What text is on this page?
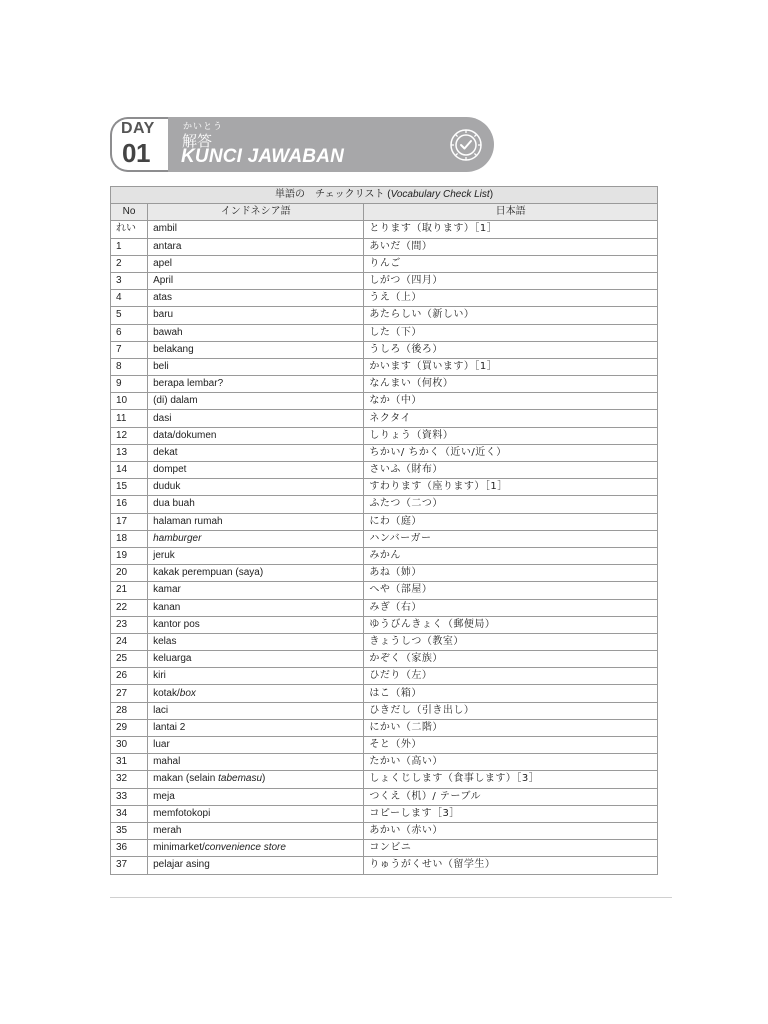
DAY
01
かいとう
解答
KUNCI JAWABAN
単語の　チェックリスト (Vocabulary Check List)		
No	インドネシア語	日本語
れい	ambil	とります（取ります）［1］
1	antara	あいだ（間）
2	apel	りんご
3	April	しがつ（四月）
4	atas	うえ（上）
5	baru	あたらしい（新しい）
6	bawah	した（下）
7	belakang	うしろ（後ろ）
8	beli	かいます（買います）［1］
9	berapa lembar?	なんまい（何枚）
10	(di) dalam	なか（中）
11	dasi	ネクタイ
12	data/dokumen	しりょう（資料）
13	dekat	ちかい/ ちかく（近い/近く）
14	dompet	さいふ（財布）
15	duduk	すわります（座ります）［1］
16	dua buah	ふたつ（二つ）
17	halaman rumah	にわ（庭）
18	hamburger	ハンバーガー
19	jeruk	みかん
20	kakak perempuan (saya)	あね（姉）
21	kamar	へや（部屋）
22	kanan	みぎ（右）
23	kantor pos	ゆうびんきょく（郵便局）
24	kelas	きょうしつ（教室）
25	keluarga	かぞく（家族）
26	kiri	ひだり（左）
27	kotak/box	はこ（箱）
28	laci	ひきだし（引き出し）
29	lantai 2	にかい（二階）
30	luar	そと（外）
31	mahal	たかい（高い）
32	makan (selain tabemasu)	しょくじします（食事します）［3］
33	meja	つくえ（机）/ テーブル
34	memfotokopi	コピーします［3］
35	merah	あかい（赤い）
36	minimarket/convenience store	コンビニ
37	pelajar asing	りゅうがくせい（留学生）
